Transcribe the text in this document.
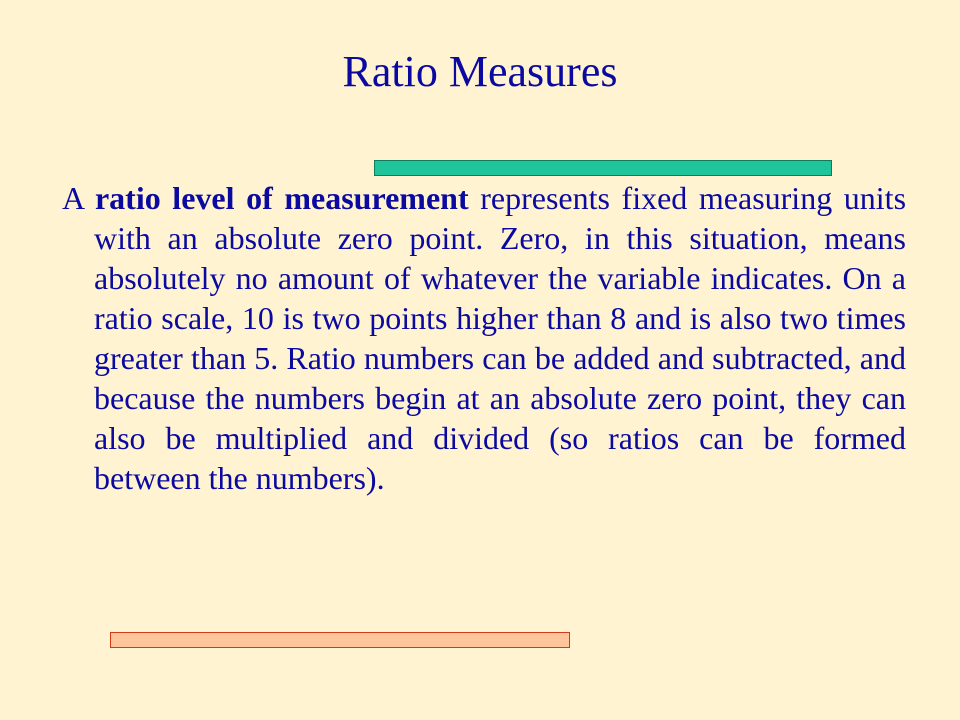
Ratio Measures

A ratio level of measurement represents fixed measuring units with an absolute zero point. Zero, in this situation, means absolutely no amount of whatever the variable indicates. On a ratio scale, 10 is two points higher than 8 and is also two times greater than 5. Ratio numbers can be added and subtracted, and because the numbers begin at an absolute zero point, they can also be multiplied and divided (so ratios can be formed between the numbers).
